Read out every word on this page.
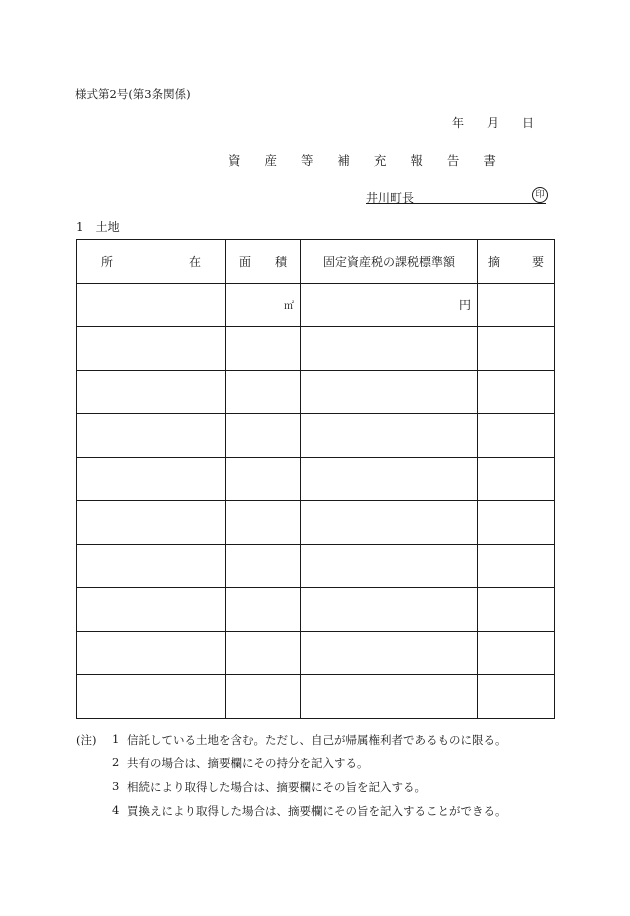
様式第2号(第3条関係)
年 月 日
資 産 等 補 充 報 告 書
井川町長	印
1　土地
所 在	面 積	固定資産税の課税標準額	摘 要

	㎡	円	

(注) 1 信託している土地を含む。ただし、自己が帰属権利者であるものに限る。
2 共有の場合は、摘要欄にその持分を記入する。
3 相続により取得した場合は、摘要欄にその旨を記入する。
4 買換えにより取得した場合は、摘要欄にその旨を記入することができる。
